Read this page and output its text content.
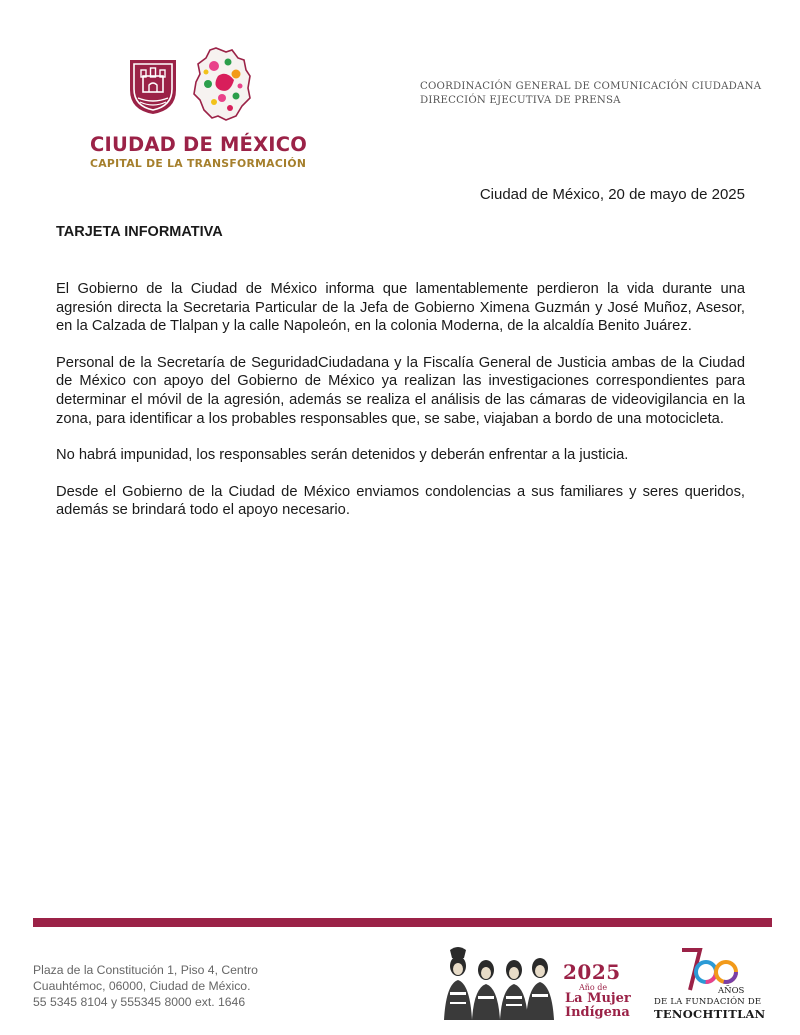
CIUDAD DE MÉXICO
CAPITAL DE LA TRANSFORMACIÓN
COORDINACIÓN GENERAL DE COMUNICACIÓN CIUDADANA
DIRECCIÓN EJECUTIVA DE PRENSA
Ciudad de México, 20 de mayo de 2025
TARJETA INFORMATIVA

El Gobierno de la Ciudad de México informa que lamentablemente perdieron la vida durante una agresión directa la Secretaria Particular de la Jefa de Gobierno Ximena Guzmán y José Muñoz, Asesor, en la Calzada de Tlalpan y la calle Napoleón, en la colonia Moderna, de la alcaldía Benito Juárez.

Personal de la Secretaría de SeguridadCiudadana y la Fiscalía General de Justicia ambas de la Ciudad de México con apoyo del Gobierno de México ya realizan las investigaciones correspondientes para determinar el móvil de la agresión, además se realiza el análisis de las cámaras de videovigilancia en la zona, para identificar a los probables responsables que, se sabe, viajaban a bordo de una motocicleta.

No habrá impunidad, los responsables serán detenidos y deberán enfrentar a la justicia.

Desde el Gobierno de la Ciudad de México enviamos condolencias a sus familiares y seres queridos, además se brindará todo el apoyo necesario.

Plaza de la Constitución 1, Piso 4, Centro
Cuauhtémoc, 06000, Ciudad de México.
55 5345 8104 y 555345 8000 ext. 1646
2025
Año de
La Mujer
Indígena
AÑOS
DE LA FUNDACIÓN DE
TENOCHTITLAN
